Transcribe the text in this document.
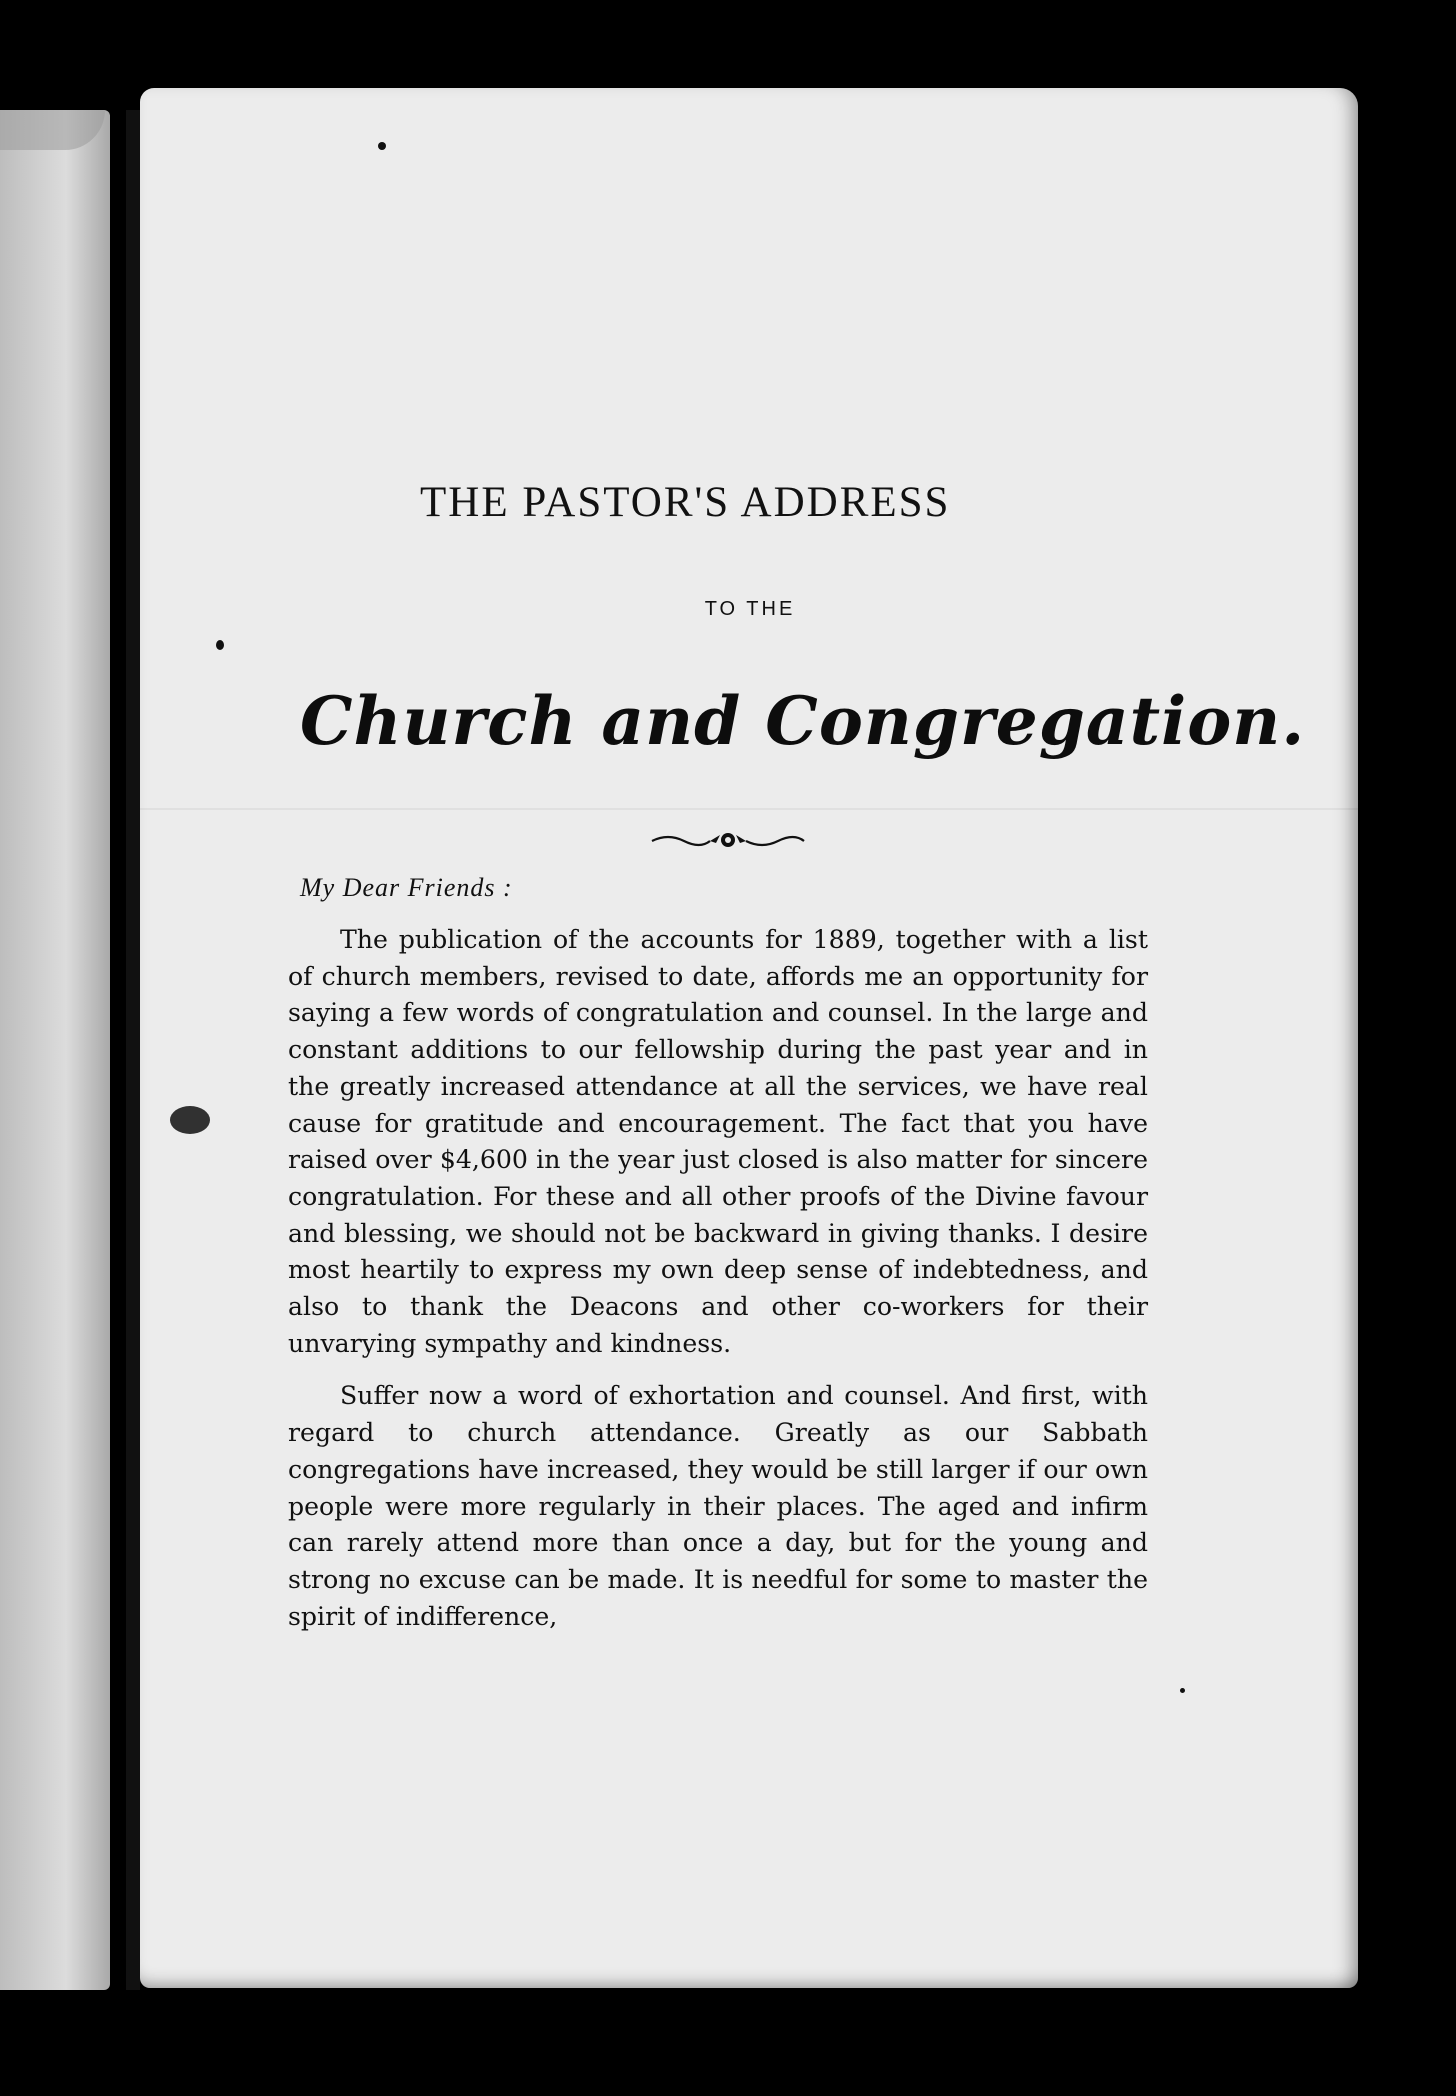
THE PASTOR'S ADDRESS
TO THE
Church and Congregation.
My Dear Friends :

The publication of the accounts for 1889, together with a list of church members, revised to date, affords me an opportunity for saying a few words of congratulation and counsel. In the large and constant additions to our fellowship during the past year and in the greatly increased attendance at all the services, we have real cause for gratitude and encouragement. The fact that you have raised over $4,600 in the year just closed is also matter for sincere congratulation. For these and all other proofs of the Divine favour and blessing, we should not be backward in giving thanks. I desire most heartily to express my own deep sense of indebtedness, and also to thank the Deacons and other co-workers for their unvarying sympathy and kindness.

Suffer now a word of exhortation and counsel. And first, with regard to church attendance. Greatly as our Sabbath congregations have increased, they would be still larger if our own people were more regularly in their places. The aged and infirm can rarely attend more than once a day, but for the young and strong no excuse can be made. It is needful for some to master the spirit of indifference,
